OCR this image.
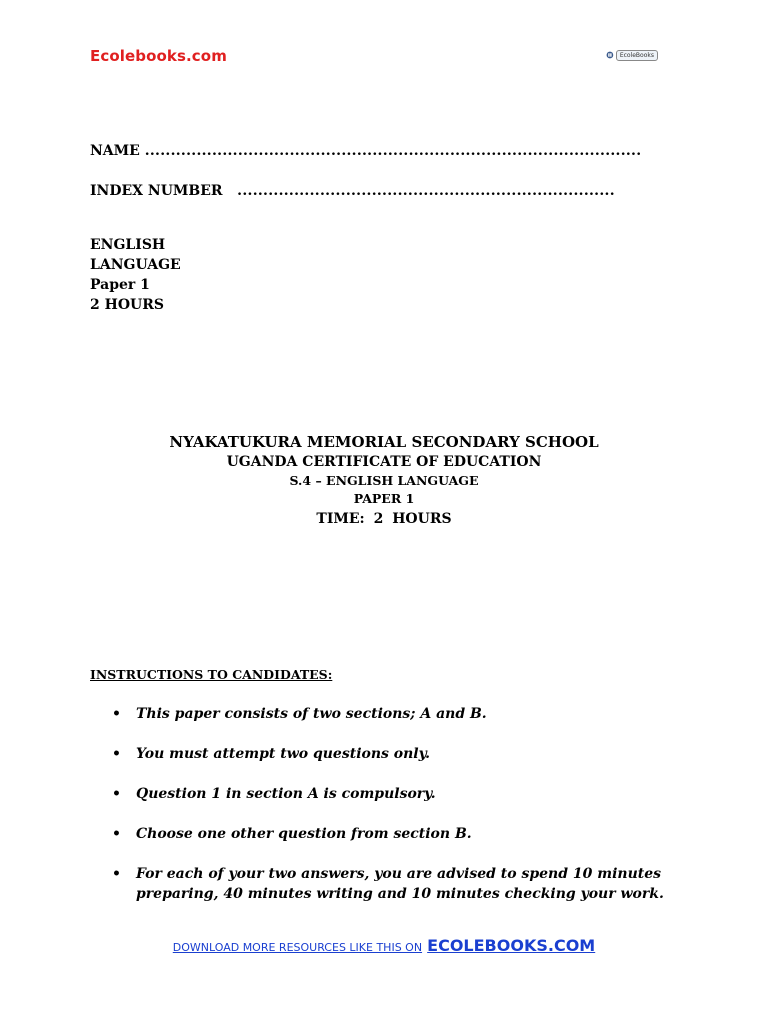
Ecolebooks.com	EcoleBooks
NAME ................................................................................................
INDEX NUMBER .........................................................................
ENGLISH
LANGUAGE
Paper 1
2 HOURS
NYAKATUKURA MEMORIAL SECONDARY SCHOOL
UGANDA CERTIFICATE OF EDUCATION
S.4 – ENGLISH LANGUAGE
PAPER 1
TIME: 2 HOURS
INSTRUCTIONS TO CANDIDATES:
• This paper consists of two sections; A and B.
• You must attempt two questions only.
• Question 1 in section A is compulsory.
• Choose one other question from section B.
• For each of your two answers, you are advised to spend 10 minutes preparing, 40 minutes writing and 10 minutes checking your work.
DOWNLOAD MORE RESOURCES LIKE THIS ON ECOLEBOOKS.COM
